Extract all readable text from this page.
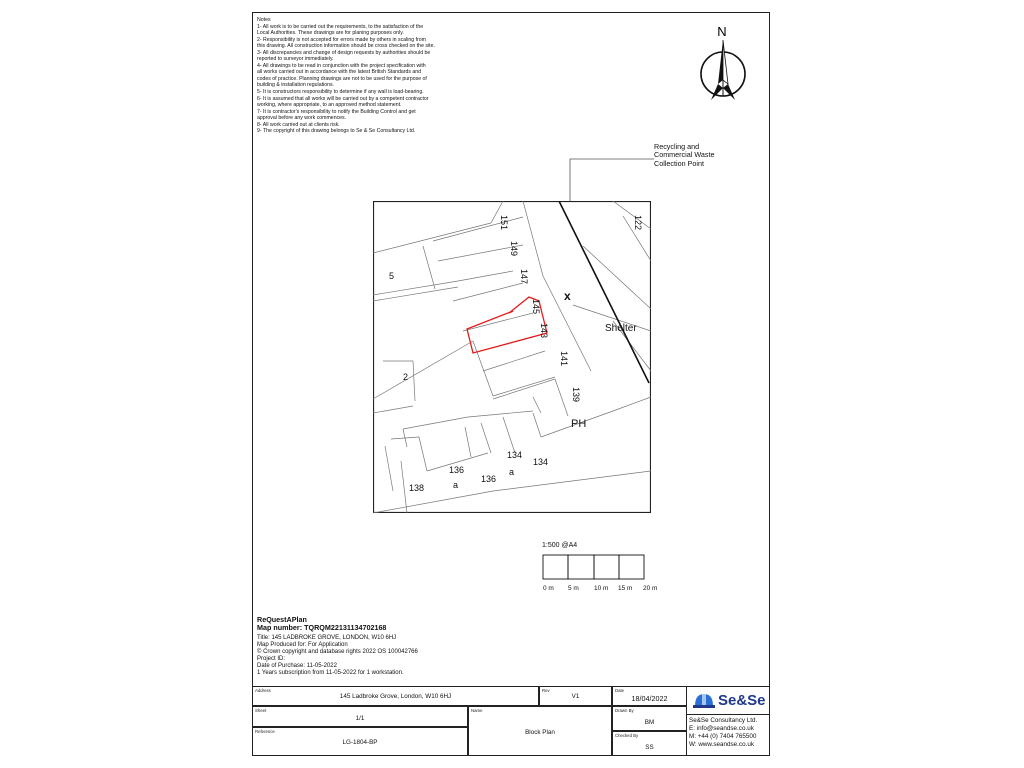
Notes
1- All work is to be carried out the requirements, to the satisfaction of the
Local Authorities. These drawings are for planing purposes only.
2- Responsibility is not accepted for errors made by others in scaling from
this drawing. All construction information should be cross checked on the site.
3- All discrepancies and change of design requests by authorities should be
reported to surveyor immediately.
4- All drawings to be read in conjunction with the project specification with
all works carried out in accordance with the latest British Standards and
codes of practice. Planning drawings are not to be used for the purpose of
building & installation regulations.
5- It is constructors responsibility to determine if any wall is load-bearing.
6- It is assumed that all works will be carried out by a competent contractor
working, where appropriate, to an approved method statement.
7- It is contractor's responsibility to notify the Building Control and get
approval before any work commences.
8- All work carried out at clients risk.
9- The copyright of this drawing belongs to Se & Se Consultancy Ltd.
N
Recycling and
Commercial Waste
Collection Point
151
149
147
145
143
141
139
122
5
2
PH
Shelter
134
134
a
136
136
a
138
x
1:500 @A4
0 m 5 m 10 m 15 m 20 m
ReQuestAPlan
Map number: TQRQM22131134702168
Title: 145 LADBROKE GROVE, LONDON, W10 6HJ
Map Produced for: For Application
© Crown copyright and database rights 2022 OS 100042766
Project ID:
Date of Purchase: 11-05-2022
1 Years subscription from 11-05-2022 for 1 workstation.
Address
145 Ladbroke Grove, London, W10 6HJ
Rev
V1
Date
18/04/2022
Sheet
1/1
Name
Block Plan
Drawn By
BM
Reference
LG-1804-BP
Checked By
SS
Se&Se
Se&Se Consultancy Ltd.
E: info@seandse.co.uk
M: +44 (0) 7404 765500
W: www.seandse.co.uk
